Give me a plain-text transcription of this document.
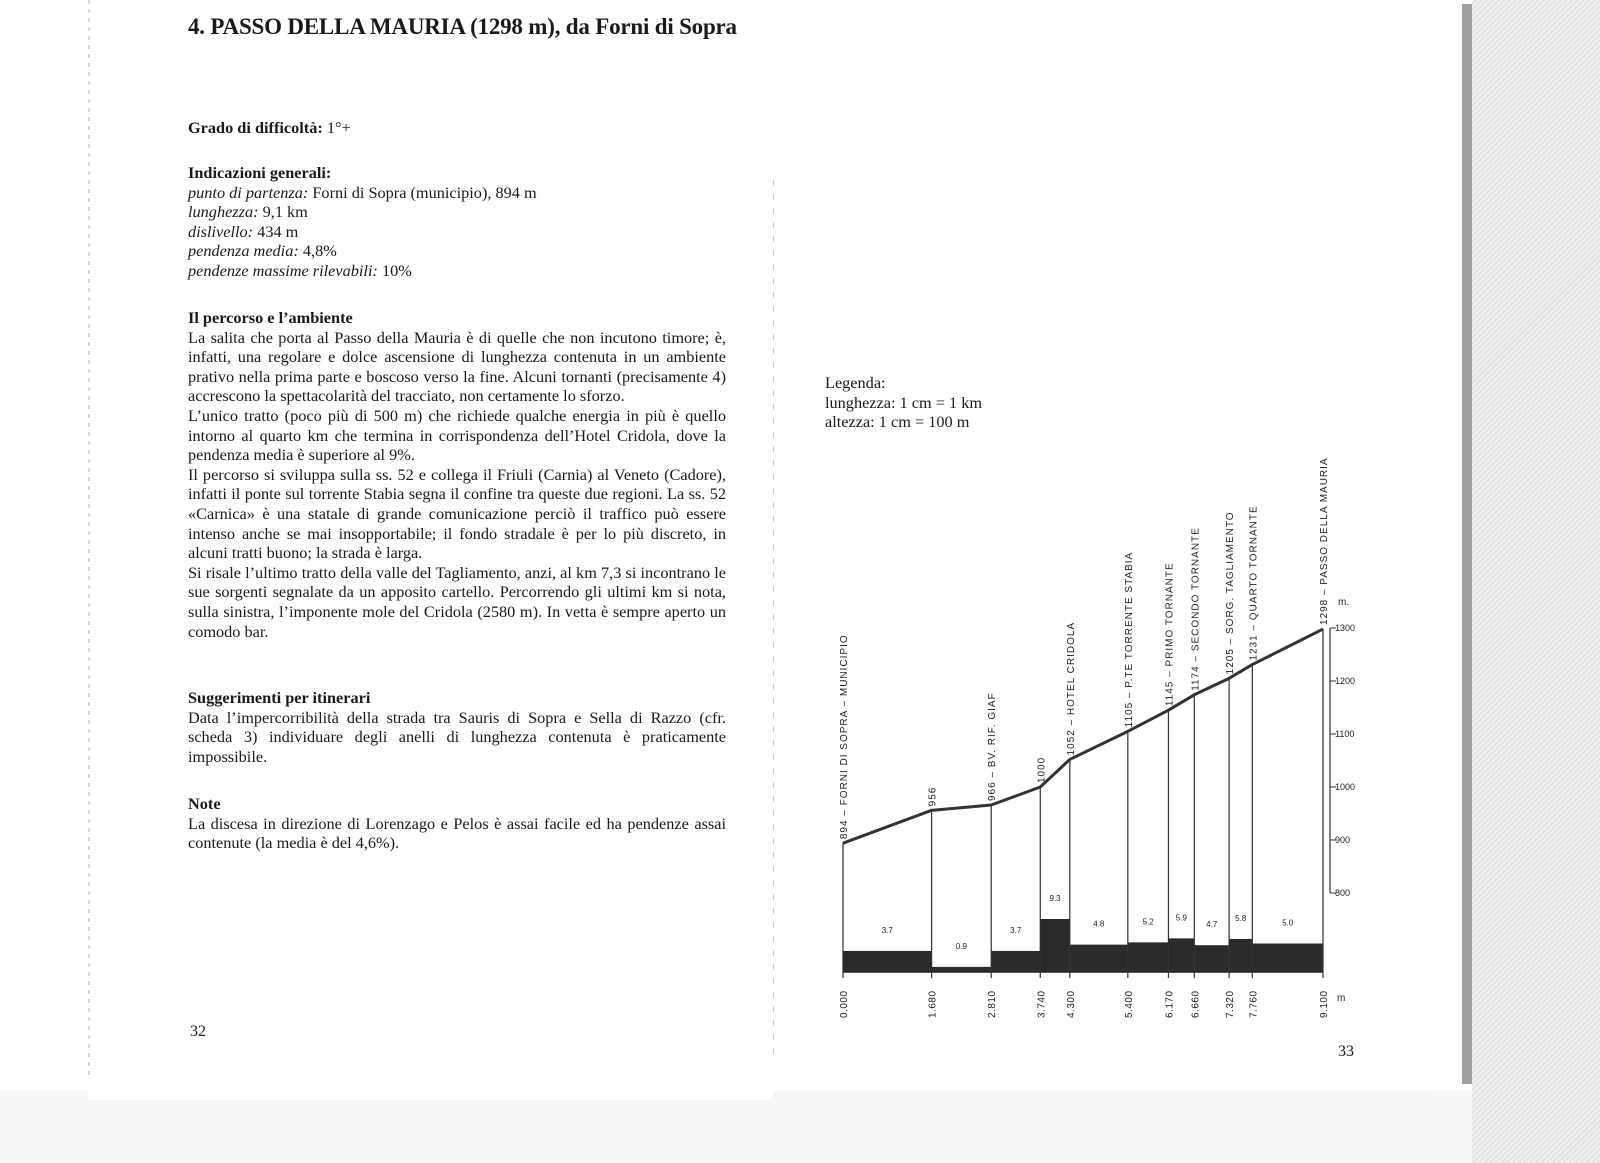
4. PASSO DELLA MAURIA (1298 m), da Forni di Sopra
Grado di difficoltà: 1°+
Indicazioni generali:
punto di partenza: Forni di Sopra (municipio), 894 m
lunghezza: 9,1 km
dislivello: 434 m
pendenza media: 4,8%
pendenze massime rilevabili: 10%
Il percorso e l’ambiente

La salita che porta al Passo della Mauria è di quelle che non incutono timore; è, infatti, una regolare e dolce ascensione di lunghezza contenuta in un ambiente prativo nella prima parte e boscoso verso la fine. Alcuni tornanti (precisamente 4) accrescono la spettacolarità del tracciato, non certamente lo sforzo.

L’unico tratto (poco più di 500 m) che richiede qualche energia in più è quello intorno al quarto km che termina in corrispondenza dell’Hotel Cridola, dove la pendenza media è superiore al 9%.

Il percorso si sviluppa sulla ss. 52 e collega il Friuli (Carnia) al Veneto (Cadore), infatti il ponte sul torrente Stabia segna il confine tra queste due regioni. La ss. 52 «Carnica» è una statale di grande comunicazione perciò il traffico può essere intenso anche se mai insopportabile; il fondo stradale è per lo più discreto, in alcuni tratti buono; la strada è larga.

Si risale l’ultimo tratto della valle del Tagliamento, anzi, al km 7,3 si incontrano le sue sorgenti segnalate da un apposito cartello. Percorrendo gli ultimi km si nota, sulla sinistra, l’imponente mole del Cridola (2580 m). In vetta è sempre aperto un comodo bar.

Suggerimenti per itinerari

Data l’impercorribilità della strada tra Sauris di Sopra e Sella di Razzo (cfr. scheda 3) individuare degli anelli di lunghezza contenuta è praticamente impossibile.

Note

La discesa in direzione di Lorenzago e Pelos è assai facile ed ha pendenze assai contenute (la media è del 4,6%).

32
Legenda:
lunghezza: 1 cm = 1 km
altezza: 1 cm = 100 m
3.7
0.9
3.7
9.3
4.8	5.2	5.9
4.7
5.8
5.0
894 – FORNI DI SOPRA – MUNICIPIO
0.000
956
1.680
966 – BV. RIF. GIAF
2.810
1000
3.740
1052 – HOTEL CRIDOLA
4.300
1105 – P.TE TORRENTE STABIA
5.400
1145 – PRIMO TORNANTE
6.170
1174 – SECONDO TORNANTE
6.660
1205 – SORG. TAGLIAMENTO
7.320
1231 – QUARTO TORNANTE
7.760
1298 – PASSO DELLA MAURIA
9.100
800
900
1000
1100
1200
1300
m.
m
33
